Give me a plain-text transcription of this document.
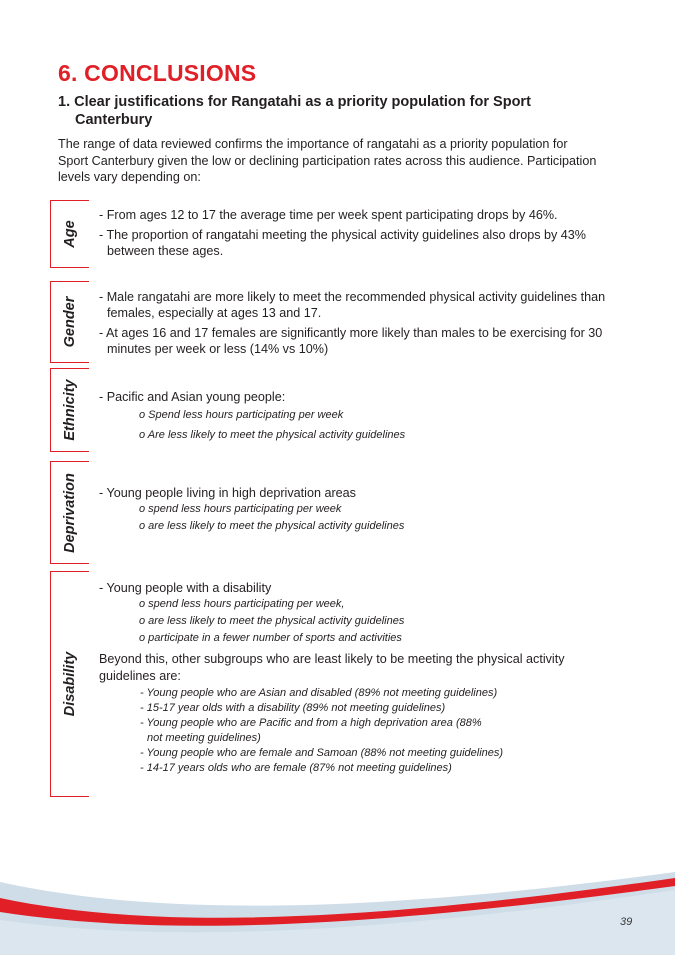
6. CONCLUSIONS
1. Clear justifications for Rangatahi as a priority population for Sport
Canterbury

The range of data reviewed confirms the importance of rangatahi as a priority population for Sport Canterbury given the low or declining participation rates across this audience. Participation levels vary depending on:

Age

- From ages 12 to 17 the average time per week spent participating drops by 46%.

- The proportion of rangatahi meeting the physical activity guidelines also drops by 43% between these ages.

Gender - Male rangatahi are more likely to meet the recommended physical activity guidelines than females, especially at ages 13 and 17.

- At ages 16 and 17 females are significantly more likely than males to be exercising for 30 minutes per week or less (14% vs 10%)

Ethnicity - Pacific and Asian young people:

o Spend less hours participating per week

o Are less likely to meet the physical activity guidelines

Deprivation - Young people living in high deprivation areas

o spend less hours participating per week

o are less likely to meet the physical activity guidelines

Disability

- Young people with a disability

o spend less hours participating per week,

o are less likely to meet the physical activity guidelines

o participate in a fewer number of sports and activities

Beyond this, other subgroups who are least likely to be meeting the physical activity guidelines are:

- Young people who are Asian and disabled (89% not meeting guidelines)

- 15-17 year olds with a disability (89% not meeting guidelines)

- Young people who are Pacific and from a high deprivation area (88% not meeting guidelines)

- Young people who are female and Samoan (88% not meeting guidelines)

- 14-17 years olds who are female (87% not meeting guidelines)

39
